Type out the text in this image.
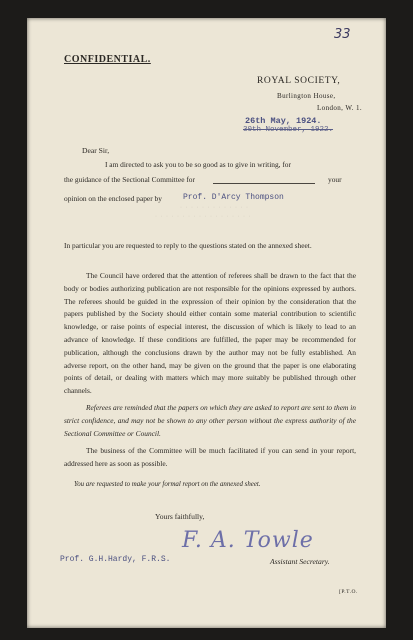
33
CONFIDENTIAL.
ROYAL SOCIETY,
Burlington House,
London, W. 1.
26th May, 1924.
30th November, 1922.
Dear Sir,
I am directed to ask you to be so good as to give in writing, for
the guidance of the Sectional Committee for	your
opinion on the enclosed paper by	Prof. D'Arcy Thompson
· · · · · · · · · · · · ·
· · · · · · · · · · · · · · · · · ·

In particular you are requested to reply to the questions stated on the annexed sheet.

The Council have ordered that the attention of referees shall be drawn to the fact that the body or bodies authorizing publication are not responsible for the opinions expressed by authors. The referees should be guided in the expression of their opinion by the consideration that the papers published by the Society should either contain some material contribution to scientific knowledge, or raise points of especial interest, the discussion of which is likely to lead to an advance of knowledge. If these conditions are fulfilled, the paper may be recommended for publication, although the conclusions drawn by the author may not be fully established. An adverse report, on the other hand, may be given on the ground that the paper is one elaborating points of detail, or dealing with matters which may more suitably be published through other channels.

Referees are reminded that the papers on which they are asked to report are sent to them in strict confidence, and may not be shown to any other person without the express authority of the Sectional Committee or Council.

The business of the Committee will be much facilitated if you can send in your report, addressed here as soon as possible.

You are requested to make your formal report on the annexed sheet.

Yours faithfully,
F. A. Towle
Prof. G.H.Hardy, F.R.S.	Assistant Secretary.
[P.T.O.
